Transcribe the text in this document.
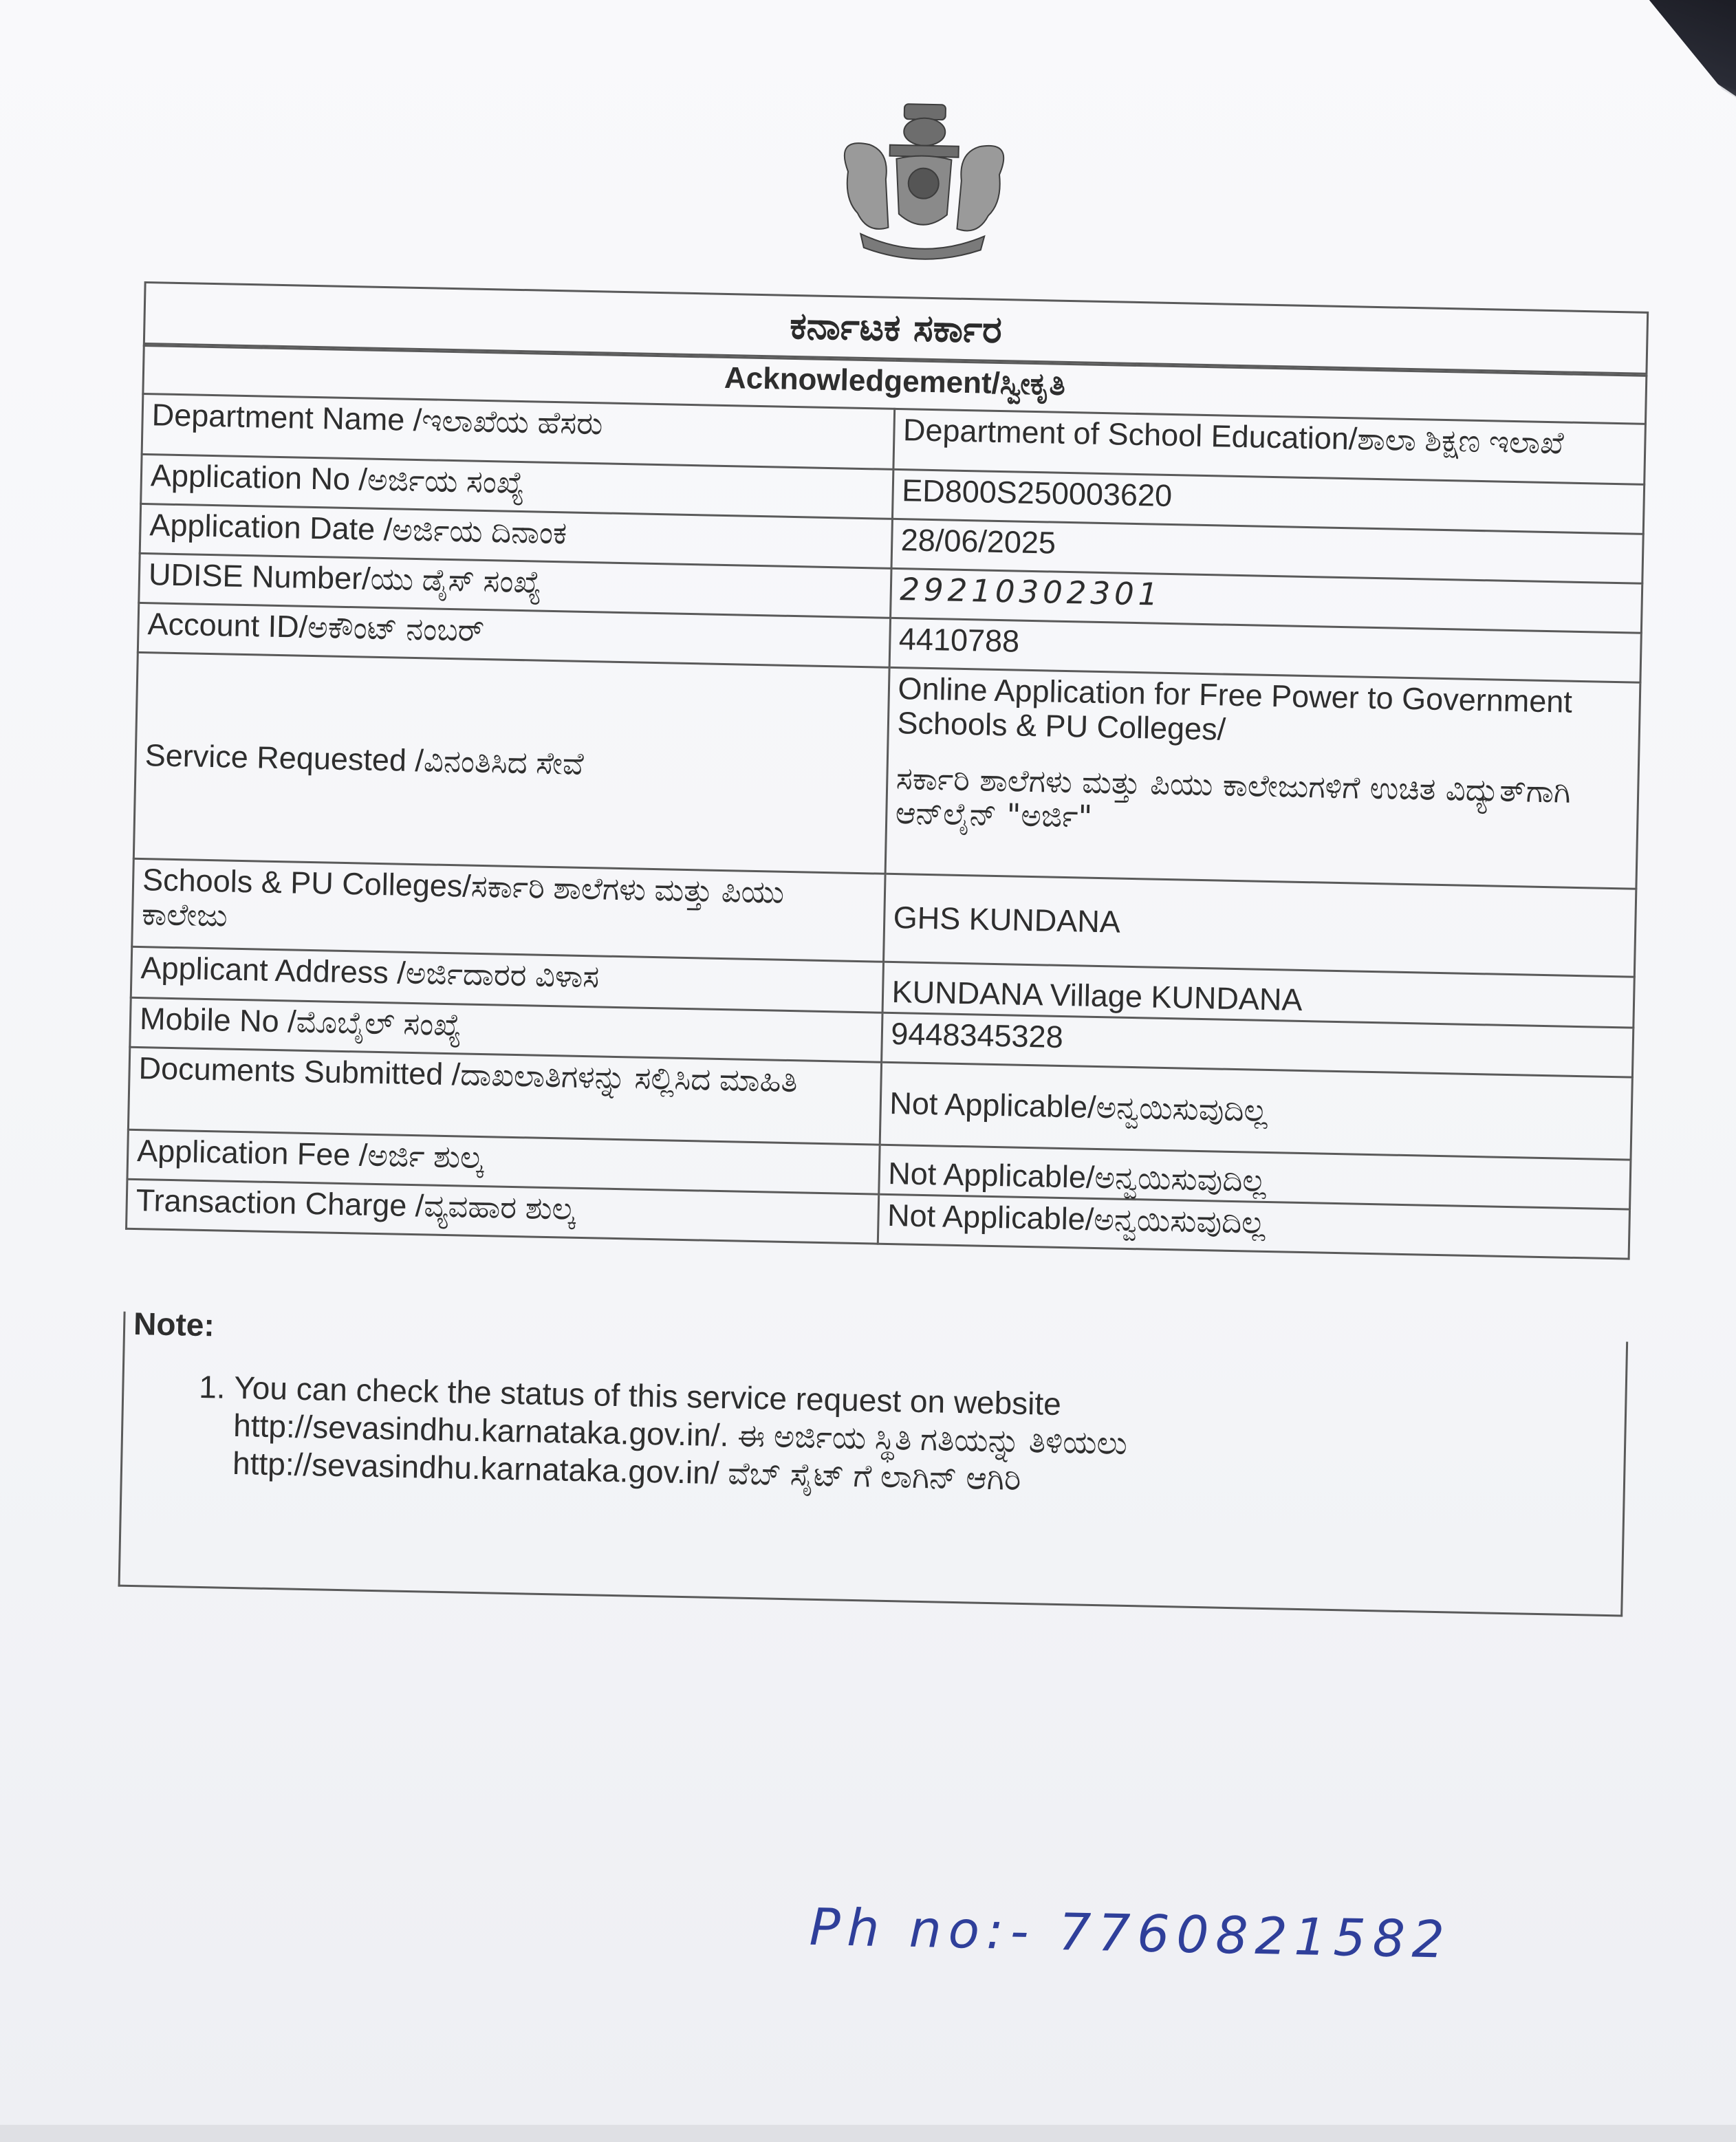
ಕರ್ನಾಟಕ ಸರ್ಕಾರ
Acknowledgement/ಸ್ವೀಕೃತಿ	
Department Name /ಇಲಾಖೆಯ ಹೆಸರು	Department of School Education/ಶಾಲಾ ಶಿಕ್ಷಣ ಇಲಾಖೆ
Application No /ಅರ್ಜಿಯ ಸಂಖ್ಯೆ	ED800S250003620
Application Date /ಅರ್ಜಿಯ ದಿನಾಂಕ	28/06/2025
UDISE Number/ಯು ಡೈಸ್ ಸಂಖ್ಯೆ	29210302301
Account ID/ಅಕೌಂಟ್ ನಂಬರ್	4410788
Service Requested /ವಿನಂತಿಸಿದ ಸೇವೆ	Online Application for Free Power to Government Schools & PU Colleges/
ಸರ್ಕಾರಿ ಶಾಲೆಗಳು ಮತ್ತು ಪಿಯು ಕಾಲೇಜುಗಳಿಗೆ ಉಚಿತ ವಿದ್ಯುತ್‌ಗಾಗಿ ಆನ್‌ಲೈನ್ "ಅರ್ಜಿ"

Schools & PU Colleges/ಸರ್ಕಾರಿ ಶಾಲೆಗಳು ಮತ್ತು ಪಿಯು ಕಾಲೇಜು	GHS KUNDANA
Applicant Address /ಅರ್ಜಿದಾರರ ವಿಳಾಸ	KUNDANA Village KUNDANA
Mobile No /ಮೊಬೈಲ್ ಸಂಖ್ಯೆ	9448345328
Documents Submitted /ದಾಖಲಾತಿಗಳನ್ನು ಸಲ್ಲಿಸಿದ ಮಾಹಿತಿ	Not Applicable/ಅನ್ವಯಿಸುವುದಿಲ್ಲ
Application Fee /ಅರ್ಜಿ ಶುಲ್ಕ	Not Applicable/ಅನ್ವಯಿಸುವುದಿಲ್ಲ
Transaction Charge /ವ್ಯವಹಾರ ಶುಲ್ಕ	Not Applicable/ಅನ್ವಯಿಸುವುದಿಲ್ಲ
Note:
1. You can check the status of this service request on website http://sevasindhu.karnataka.gov.in/. ಈ ಅರ್ಜಿಯ ಸ್ಥಿತಿ ಗತಿಯನ್ನು ತಿಳಿಯಲು http://sevasindhu.karnataka.gov.in/ ವೆಬ್ ಸೈಟ್ ಗೆ ಲಾಗಿನ್ ಆಗಿರಿ
Ph no:- 7760821582
